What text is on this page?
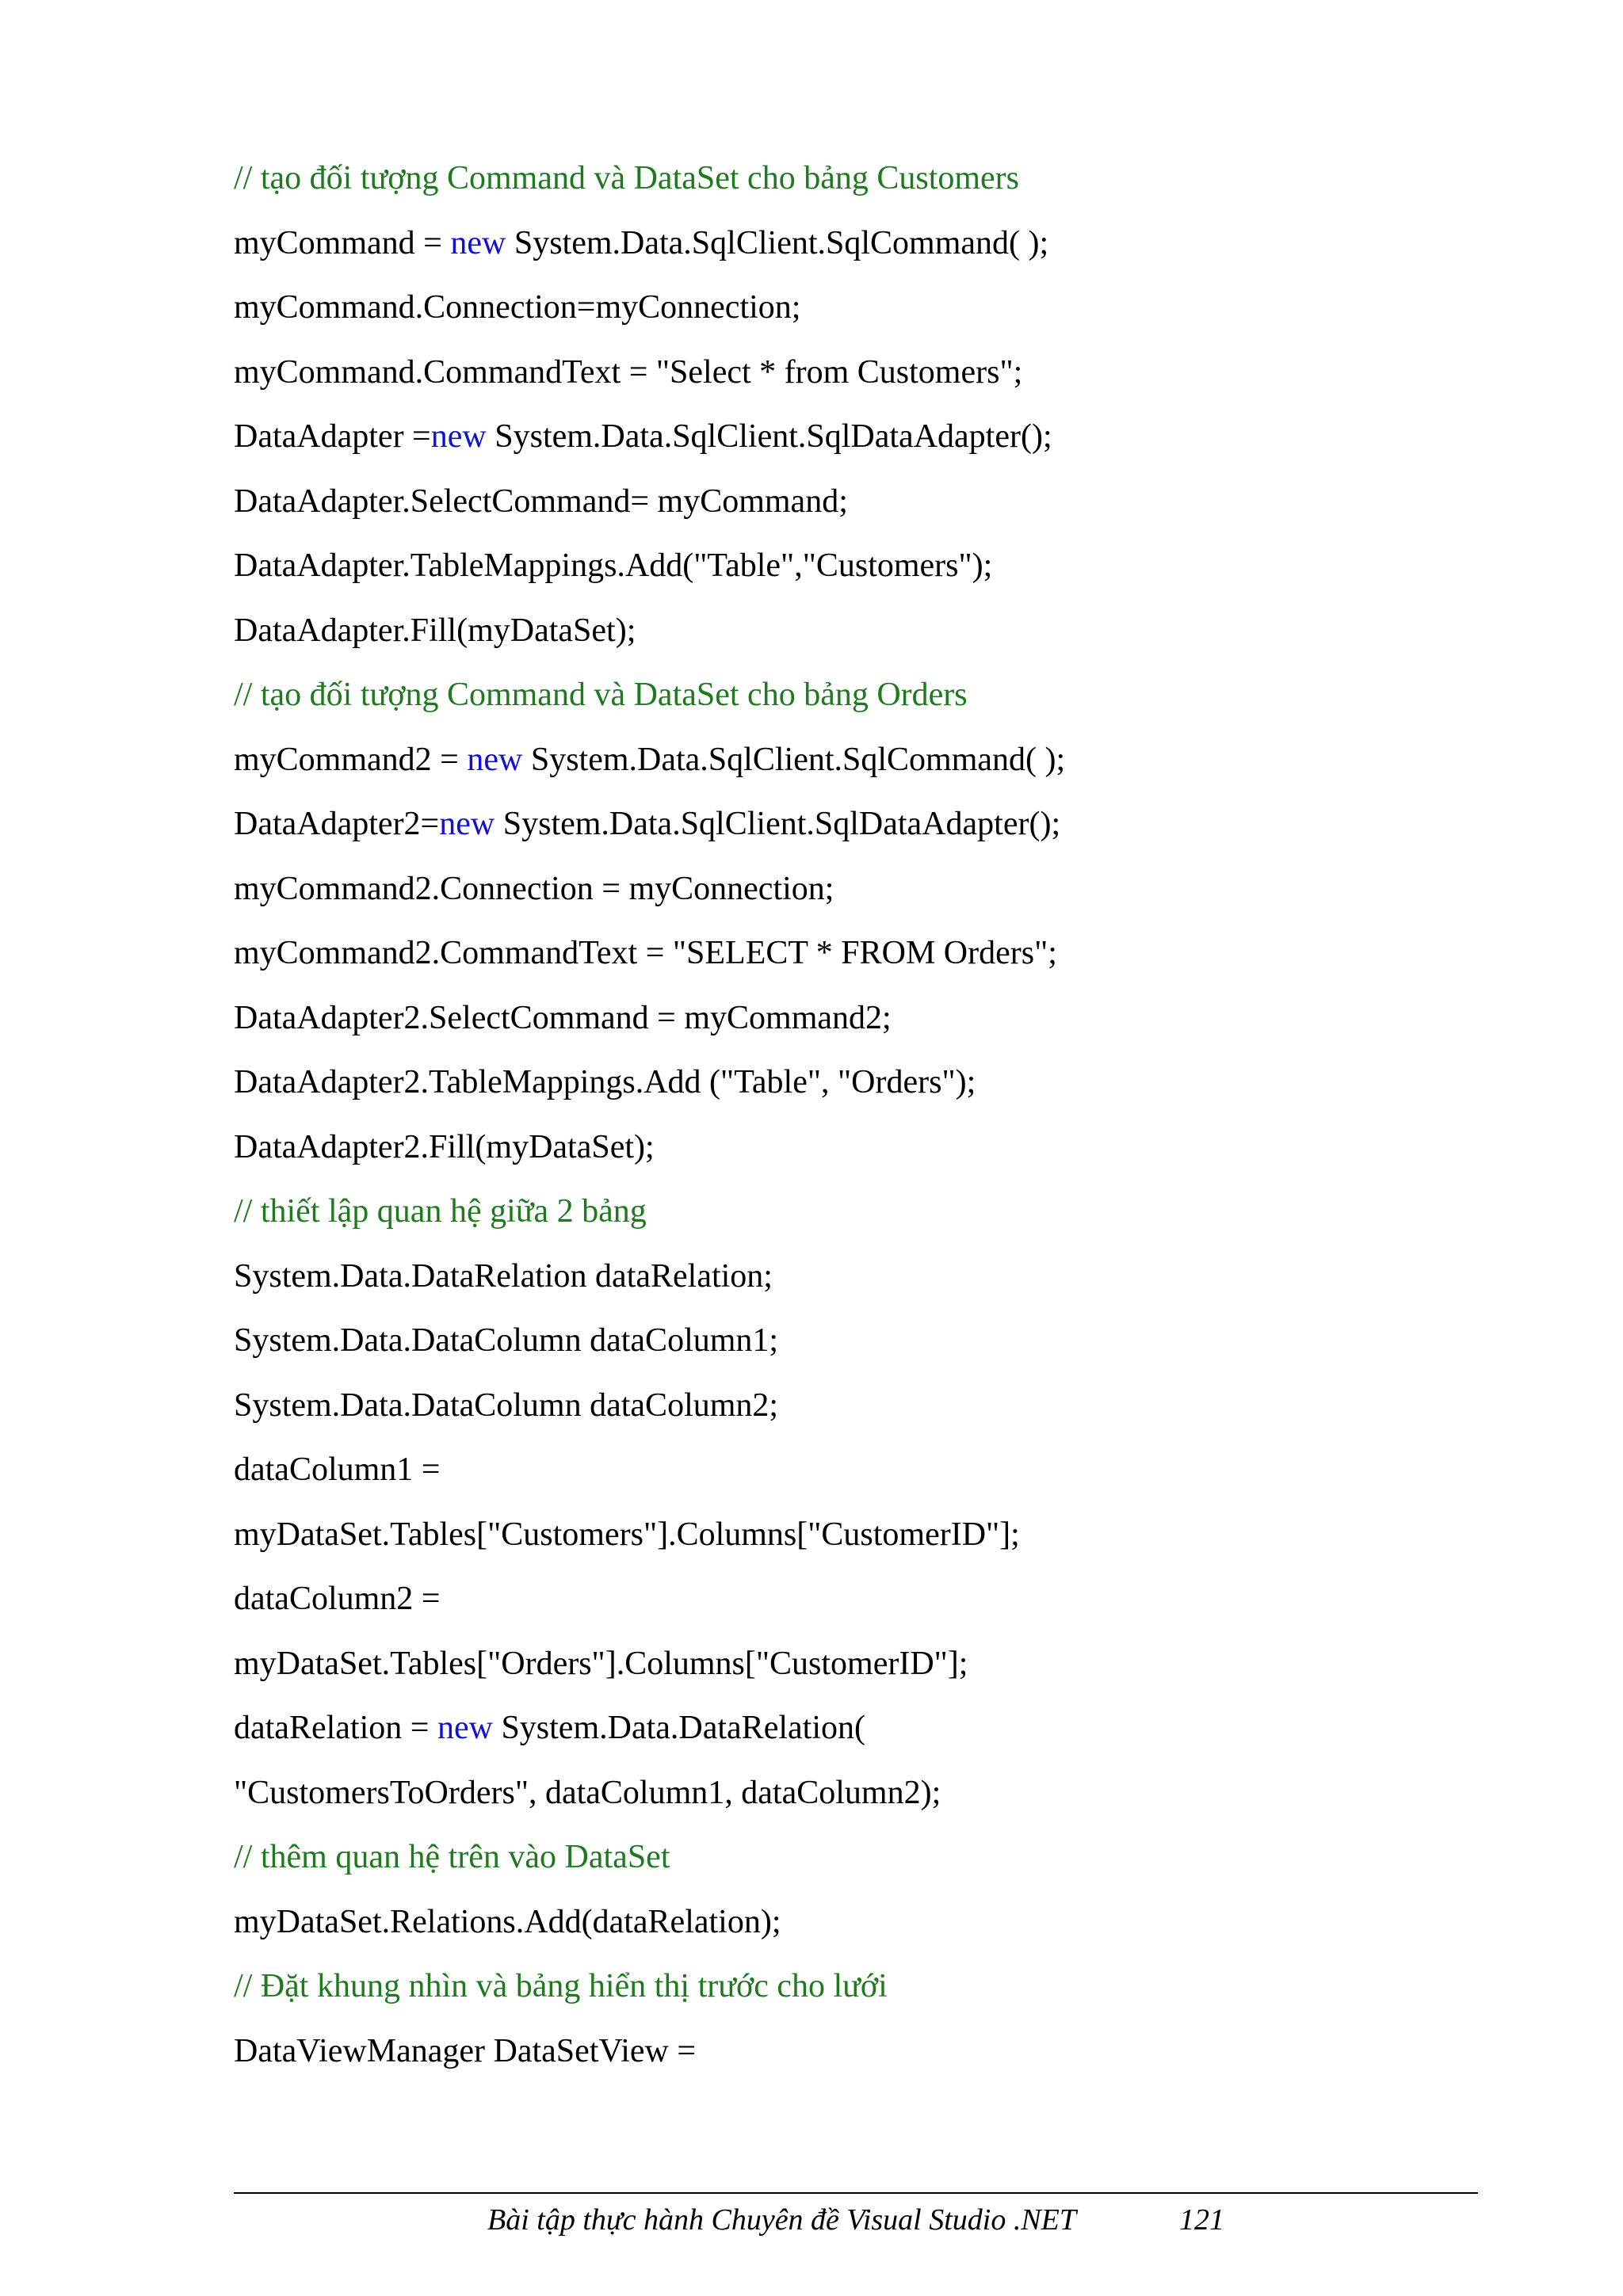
// tạo đối tượng Command và DataSet cho bảng Customers
myCommand = new System.Data.SqlClient.SqlCommand( );
myCommand.Connection=myConnection;
myCommand.CommandText = "Select * from Customers";
DataAdapter =new System.Data.SqlClient.SqlDataAdapter();
DataAdapter.SelectCommand= myCommand;
DataAdapter.TableMappings.Add("Table","Customers");
DataAdapter.Fill(myDataSet);
// tạo đối tượng Command và DataSet cho bảng Orders
myCommand2 = new System.Data.SqlClient.SqlCommand( );
DataAdapter2=new System.Data.SqlClient.SqlDataAdapter();
myCommand2.Connection = myConnection;
myCommand2.CommandText = "SELECT * FROM Orders";
DataAdapter2.SelectCommand = myCommand2;
DataAdapter2.TableMappings.Add ("Table", "Orders");
DataAdapter2.Fill(myDataSet);
// thiết lập quan hệ giữa 2 bảng
System.Data.DataRelation dataRelation;
System.Data.DataColumn dataColumn1;
System.Data.DataColumn dataColumn2;
dataColumn1 =
myDataSet.Tables["Customers"].Columns["CustomerID"];
dataColumn2 =
myDataSet.Tables["Orders"].Columns["CustomerID"];
dataRelation = new System.Data.DataRelation(
"CustomersToOrders", dataColumn1, dataColumn2);
// thêm quan hệ trên vào DataSet
myDataSet.Relations.Add(dataRelation);
// Đặt khung nhìn và bảng hiển thị trước cho lưới
DataViewManager DataSetView =
Bài tập thực hành Chuyên đề Visual Studio .NET	121
